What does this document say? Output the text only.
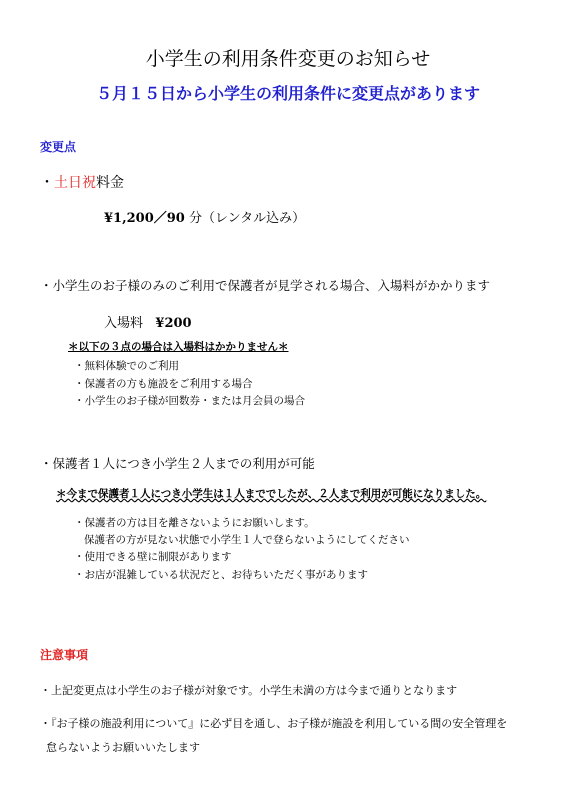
小学生の利用条件変更のお知らせ
５月１５日から小学生の利用条件に変更点があります
変更点
・土日祝料金
¥1,200／90 分（レンタル込み）
・小学生のお子様のみのご利用で保護者が見学される場合、入場料がかかります
入場料 ¥200
＊以下の３点の場合は入場料はかかりません＊
・無料体験でのご利用
・保護者の方も施設をご利用する場合
・小学生のお子様が回数券・または月会員の場合
・保護者１人につき小学生２人までの利用が可能
＊今まで保護者１人につき小学生は１人まででしたが、２人まで利用が可能になりました。
・保護者の方は目を離さないようにお願いします。
保護者の方が見ない状態で小学生１人で登らないようにしてください
・使用できる壁に制限があります
・お店が混雑している状況だと、お待ちいただく事があります
注意事項
・上記変更点は小学生のお子様が対象です。小学生未満の方は今まで通りとなります
・『お子様の施設利用について』に必ず目を通し、お子様が施設を利用している間の安全管理を
怠らないようお願いいたします
